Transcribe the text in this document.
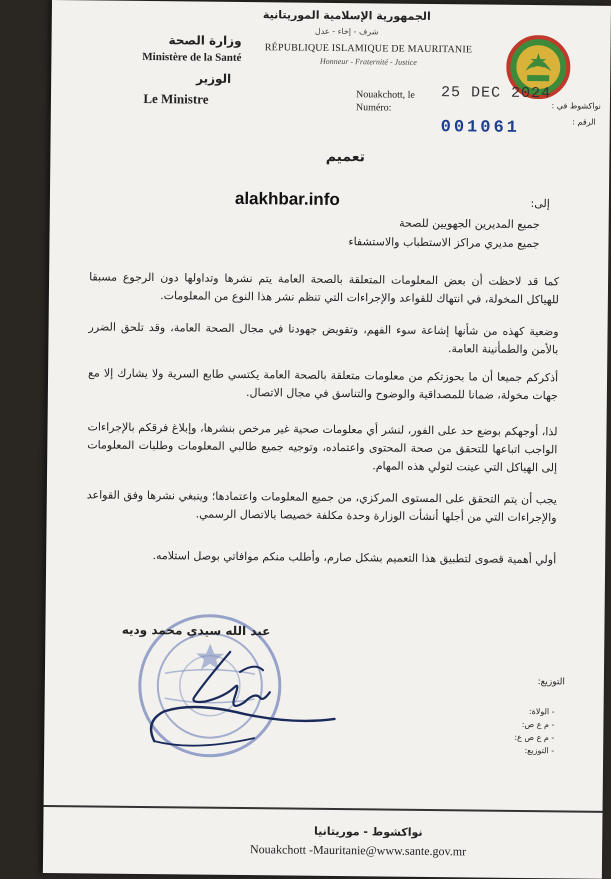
الجمهورية الإسلامية الموريتانية
شرف - إخاء - عدل
RÉPUBLIQUE ISLAMIQUE DE MAURITANIE
Honneur - Fraternité - Justice
وزارة الصحة
Ministère de la Santé
الوزير
Le Ministre	Nouakchott, le 25 DEC 2024
Numéro:
001061
نواكشوط في :
الرقم :
تعميم
alakhbar.info	إلى:
جميع المديرين الجهويين للصحة
جميع مديري مراكز الاستطباب والاستشفاء
كما قد لاحظت أن بعض المعلومات المتعلقة بالصحة العامة يتم نشرها وتداولها دون الرجوع مسبقا للهياكل المخولة، في انتهاك للقواعد والإجراءات التي تنظم نشر هذا النوع من المعلومات.
وضعية كهذه من شأنها إشاعة سوء الفهم، وتقويض جهودنا في مجال الصحة العامة، وقد تلحق الضرر بالأمن والطمأنينة العامة.
أذكركم جميعا أن ما بحوزتكم من معلومات متعلقة بالصحة العامة يكتسي طابع السرية ولا يشارك إلا مع جهات مخولة، ضمانا للمصداقية والوضوح والتناسق في مجال الاتصال.
لذا، أوجهكم بوضع حد على الفور، لنشر أي معلومات صحية غير مرخص بنشرها، وإبلاغ فرقكم بالإجراءات الواجب اتباعها للتحقق من صحة المحتوى واعتماده، وتوجيه جميع طالبي المعلومات وطلبات المعلومات إلى الهياكل التي عينت لتولي هذه المهام.
يجب أن يتم التحقق على المستوى المركزي، من جميع المعلومات واعتمادها؛ وينبغي نشرها وفق القواعد والإجراءات التي من أجلها أنشأت الوزارة وحدة مكلفة خصيصا بالاتصال الرسمي.
أولي أهمية قصوى لتطبيق هذا التعميم بشكل صارم، وأطلب منكم موافاتي بوصل استلامه.
عبد الله سيدي محمد وديه
التوزيع:
- الولاة:
- م ع ص:
- م ع ص ع:
- التوزيع:
نواكشوط - موريتانيا
Nouakchott -Mauritanie@www.sante.gov.mr
